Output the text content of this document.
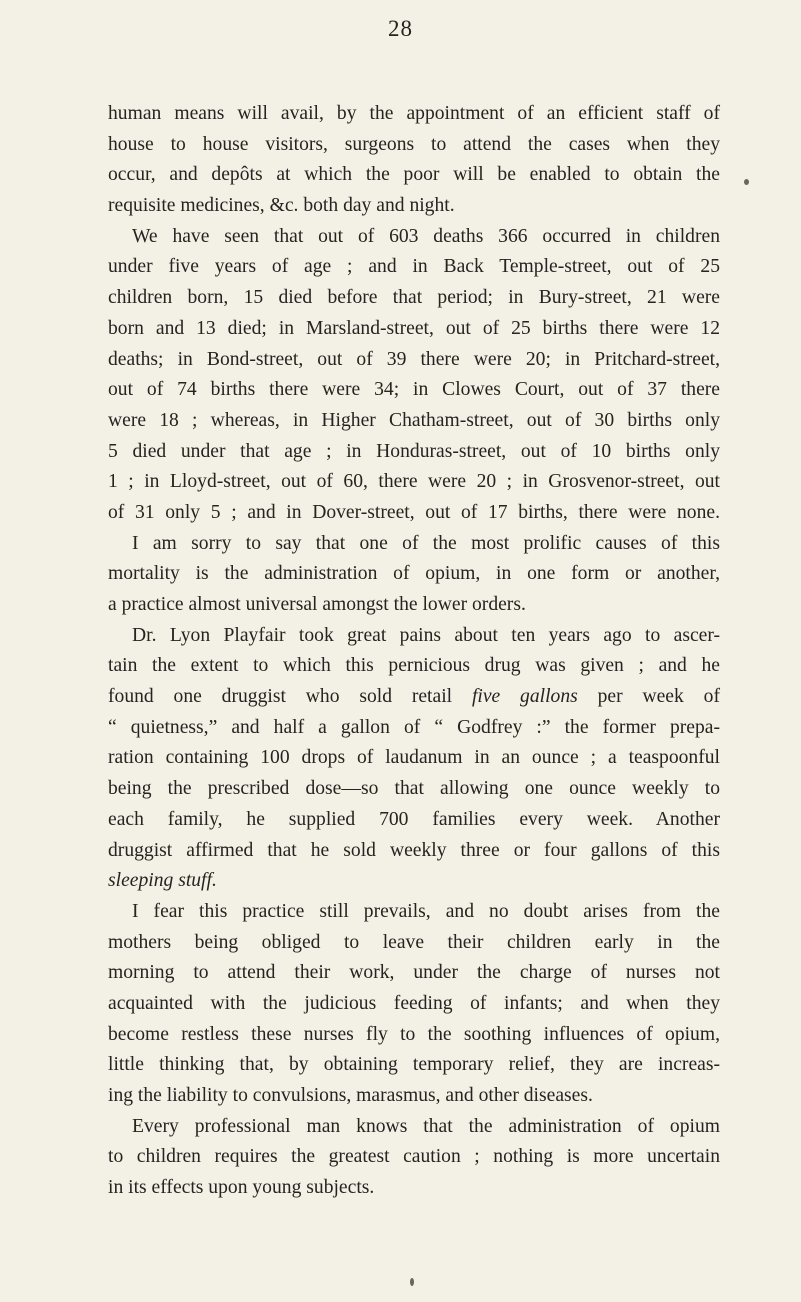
28
human means will avail, by the appointment of an efficient staff of
house to house visitors, surgeons to attend the cases when they
occur, and depôts at which the poor will be enabled to obtain the
requisite medicines, &c. both day and night.
We have seen that out of 603 deaths 366 occurred in children
under five years of age ; and in Back Temple-street, out of 25
children born, 15 died before that period; in Bury-street, 21 were
born and 13 died; in Marsland-street, out of 25 births there were 12
deaths; in Bond-street, out of 39 there were 20; in Pritchard-street,
out of 74 births there were 34; in Clowes Court, out of 37 there
were 18 ; whereas, in Higher Chatham-street, out of 30 births only
5 died under that age ; in Honduras-street, out of 10 births only
1 ; in Lloyd-street, out of 60, there were 20 ; in Grosvenor-street, out
of 31 only 5 ; and in Dover-street, out of 17 births, there were none.
I am sorry to say that one of the most prolific causes of this
mortality is the administration of opium, in one form or another,
a practice almost universal amongst the lower orders.
Dr. Lyon Playfair took great pains about ten years ago to ascer-
tain the extent to which this pernicious drug was given ; and he
found one druggist who sold retail five gallons per week of
“ quietness,” and half a gallon of “ Godfrey :” the former prepa-
ration containing 100 drops of laudanum in an ounce ; a teaspoonful
being the prescribed dose—so that allowing one ounce weekly to
each family, he supplied 700 families every week. Another
druggist affirmed that he sold weekly three or four gallons of this
sleeping stuff.
I fear this practice still prevails, and no doubt arises from the
mothers being obliged to leave their children early in the
morning to attend their work, under the charge of nurses not
acquainted with the judicious feeding of infants; and when they
become restless these nurses fly to the soothing influences of opium,
little thinking that, by obtaining temporary relief, they are increas-
ing the liability to convulsions, marasmus, and other diseases.
Every professional man knows that the administration of opium
to children requires the greatest caution ; nothing is more uncertain
in its effects upon young subjects.
